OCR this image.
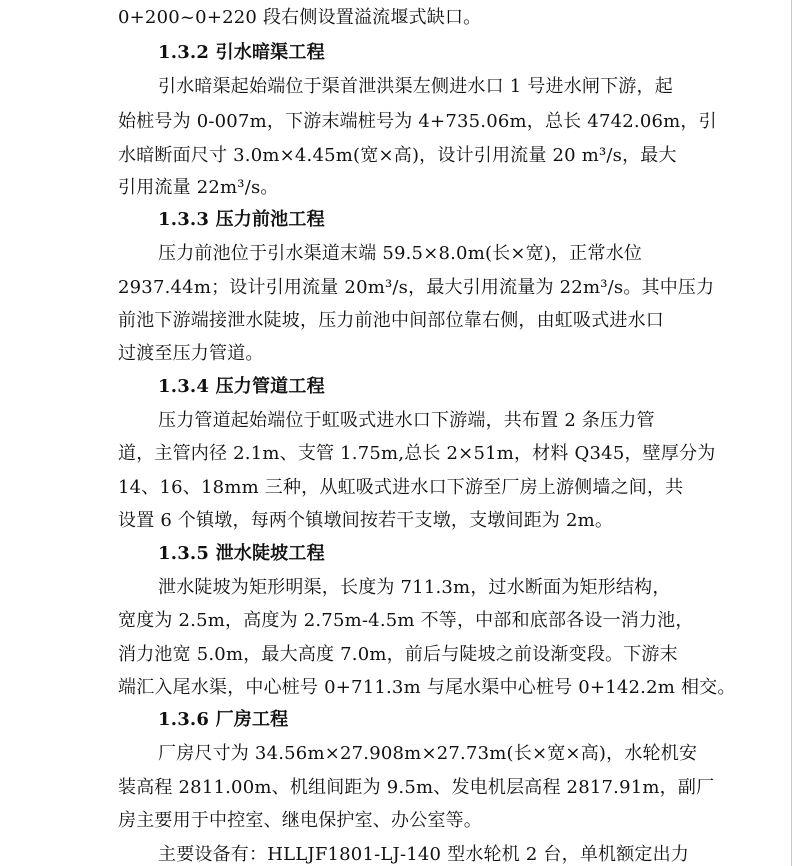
0+200~0+220 段右侧设置溢流堰式缺口。
1.3.2 引水暗渠工程
引水暗渠起始端位于渠首泄洪渠左侧进水口 1 号进水闸下游，起
始桩号为 0-007m，下游末端桩号为 4+735.06m，总长 4742.06m，引
水暗断面尺寸 3.0m×4.45m(宽×高)，设计引用流量 20 m³/s，最大
引用流量 22m³/s。
1.3.3 压力前池工程
压力前池位于引水渠道末端 59.5×8.0m(长×宽)，正常水位
2937.44m；设计引用流量 20m³/s，最大引用流量为 22m³/s。其中压力
前池下游端接泄水陡坡，压力前池中间部位靠右侧，由虹吸式进水口
过渡至压力管道。
1.3.4 压力管道工程
压力管道起始端位于虹吸式进水口下游端，共布置 2 条压力管
道，主管内径 2.1m、支管 1.75m,总长 2×51m，材料 Q345，壁厚分为
14、16、18mm 三种，从虹吸式进水口下游至厂房上游侧墙之间，共
设置 6 个镇墩，每两个镇墩间按若干支墩，支墩间距为 2m。
1.3.5 泄水陡坡工程
泄水陡坡为矩形明渠，长度为 711.3m，过水断面为矩形结构，
宽度为 2.5m，高度为 2.75m-4.5m 不等，中部和底部各设一消力池，
消力池宽 5.0m，最大高度 7.0m，前后与陡坡之前设渐变段。下游末
端汇入尾水渠，中心桩号 0+711.3m 与尾水渠中心桩号 0+142.2m 相交。
1.3.6 厂房工程
厂房尺寸为 34.56m×27.908m×27.73m(长×宽×高)，水轮机安
装高程 2811.00m、机组间距为 9.5m、发电机层高程 2817.91m，副厂
房主要用于中控室、继电保护室、办公室等。
主要设备有：HLLJF1801-LJ-140 型水轮机 2 台，单机额定出力
